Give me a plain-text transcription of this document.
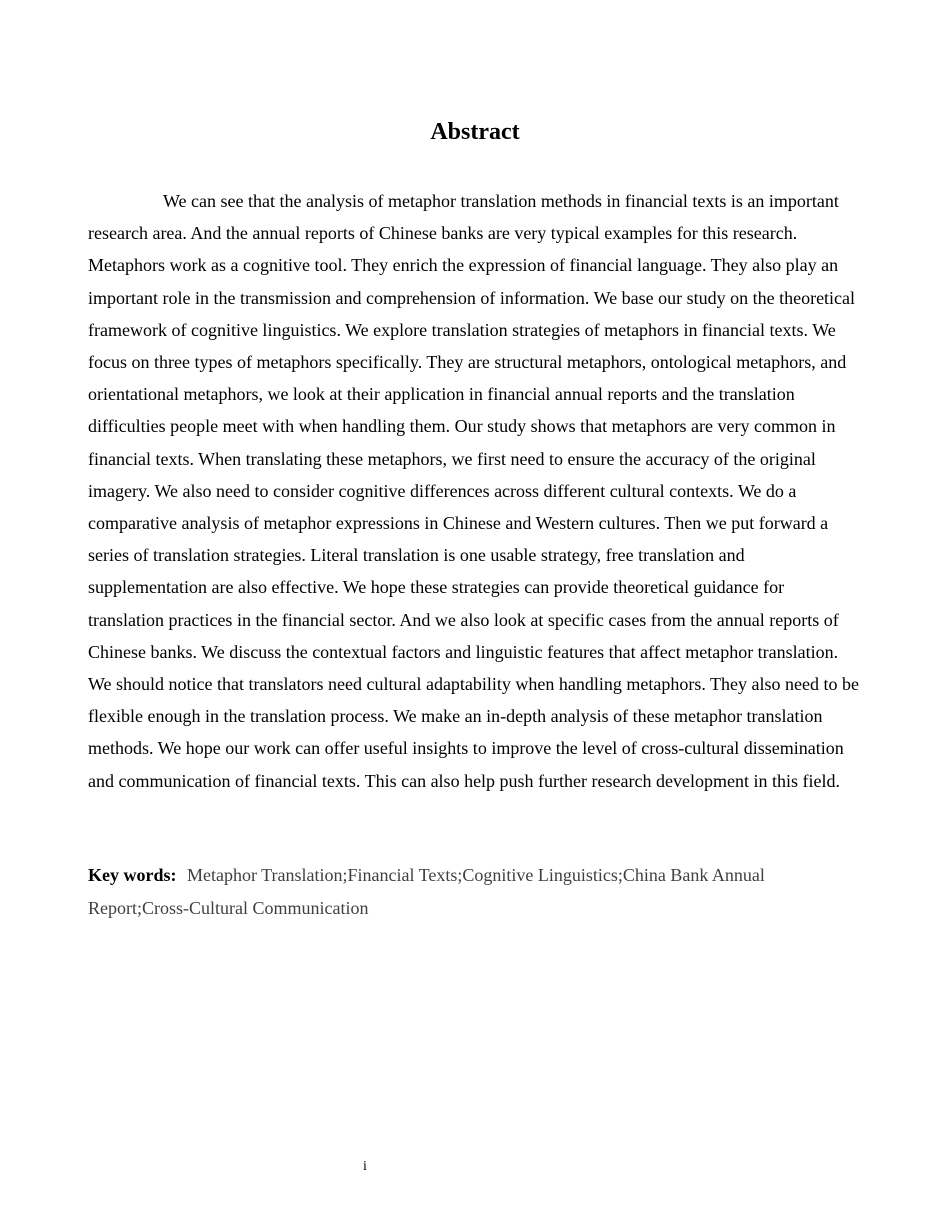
Abstract

We can see that the analysis of metaphor translation methods in financial texts is an important research area. And the annual reports of Chinese banks are very typical examples for this research. Metaphors work as a cognitive tool. They enrich the expression of financial language. They also play an important role in the transmission and comprehension of information. We base our study on the theoretical framework of cognitive linguistics. We explore translation strategies of metaphors in financial texts. We focus on three types of metaphors specifically. They are structural metaphors, ontological metaphors, and orientational metaphors, we look at their application in financial annual reports and the translation difficulties people meet with when handling them. Our study shows that metaphors are very common in financial texts. When translating these metaphors, we first need to ensure the accuracy of the original imagery. We also need to consider cognitive differences across different cultural contexts. We do a comparative analysis of metaphor expressions in Chinese and Western cultures. Then we put forward a series of translation strategies. Literal translation is one usable strategy, free translation and supplementation are also effective. We hope these strategies can provide theoretical guidance for translation practices in the financial sector. And we also look at specific cases from the annual reports of Chinese banks. We discuss the contextual factors and linguistic features that affect metaphor translation. We should notice that translators need cultural adaptability when handling metaphors. They also need to be flexible enough in the translation process. We make an in-depth analysis of these metaphor translation methods. We hope our work can offer useful insights to improve the level of cross-cultural dissemination and communication of financial texts. This can also help push further research development in this field.

Key words: Metaphor Translation;Financial Texts;Cognitive Linguistics;China Bank Annual Report;Cross-Cultural Communication

i
